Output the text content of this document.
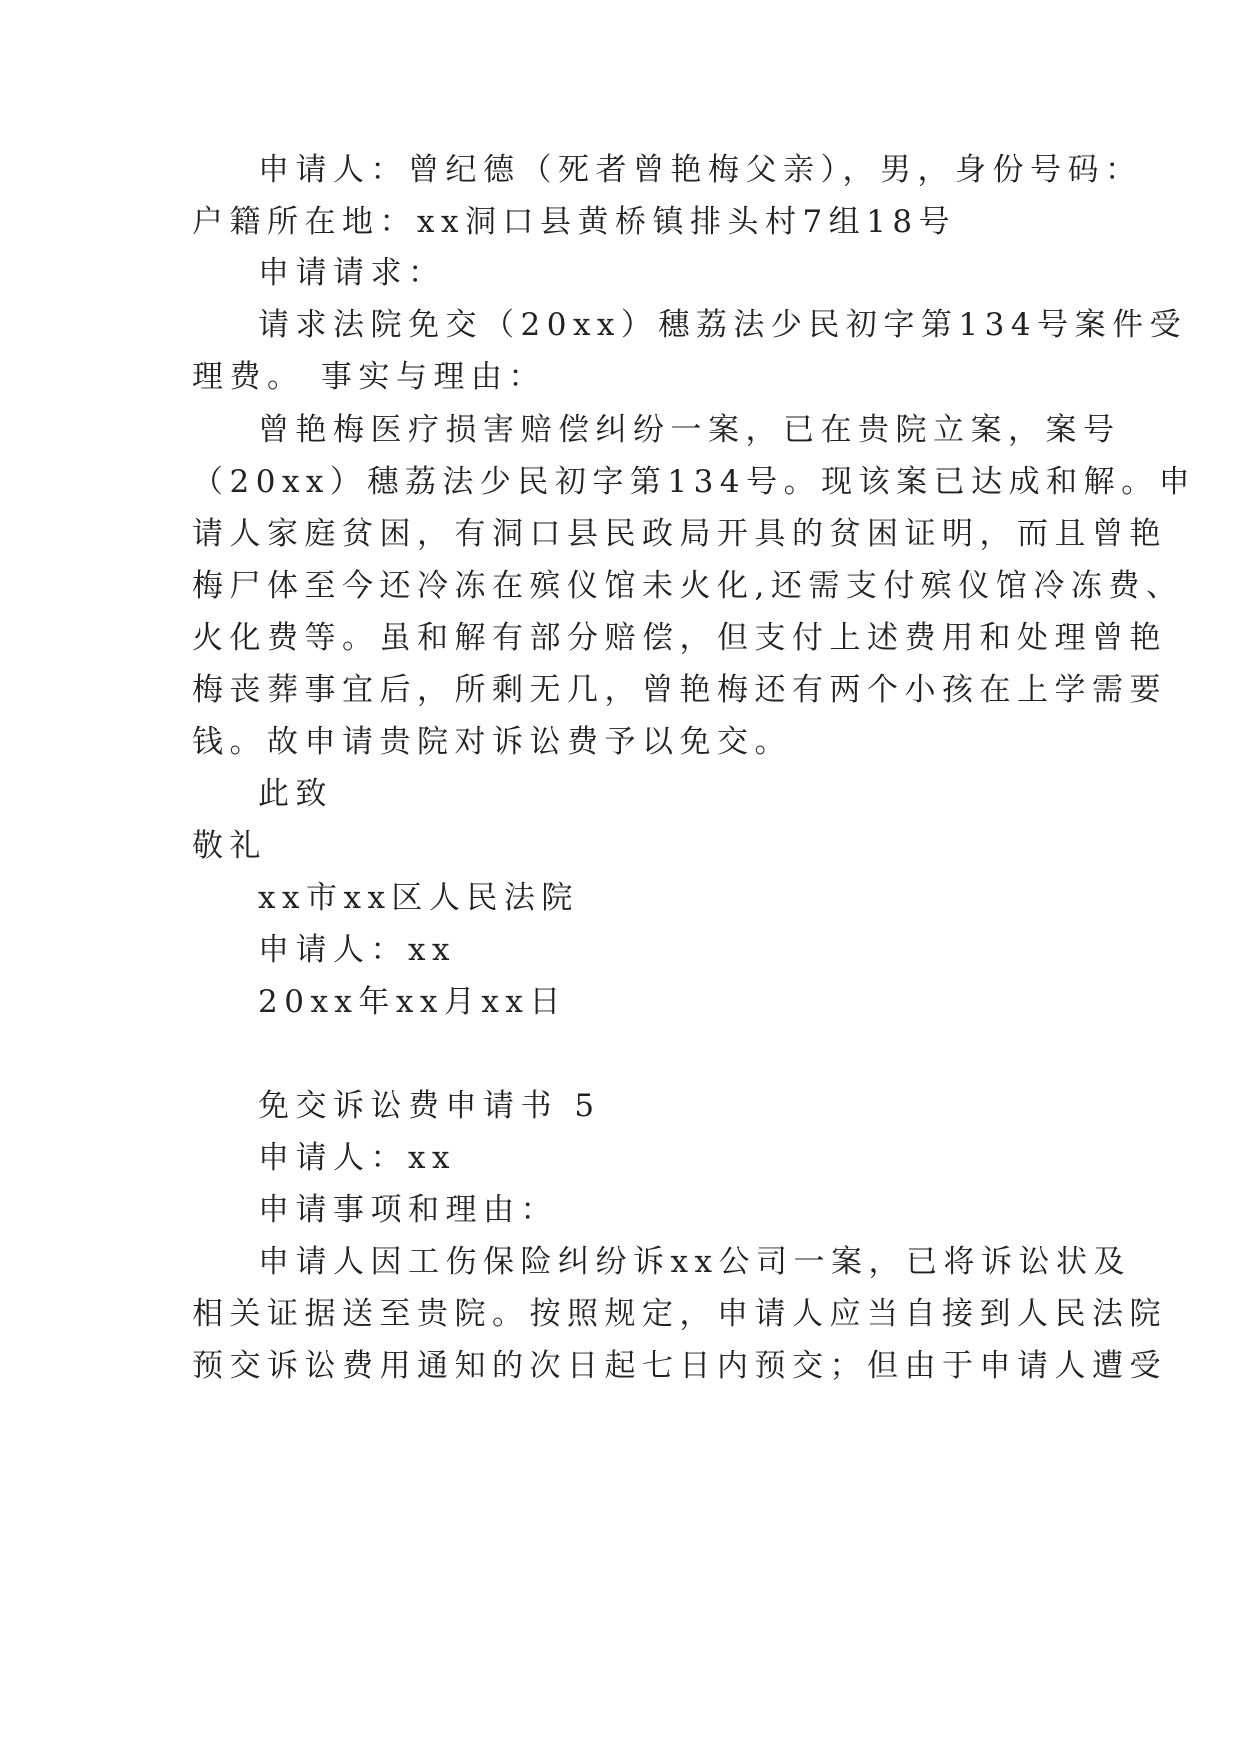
申请人：曾纪德（死者曾艳梅父亲），男，身份号码：
户籍所在地：xx洞口县黄桥镇排头村7组18号
申请请求：
请求法院免交（20xx）穗荔法少民初字第134号案件受
理费。 事实与理由：
曾艳梅医疗损害赔偿纠纷一案，已在贵院立案，案号
（20xx）穗荔法少民初字第134号。现该案已达成和解。申
请人家庭贫困，有洞口县民政局开具的贫困证明，而且曾艳
梅尸体至今还冷冻在殡仪馆未火化,还需支付殡仪馆冷冻费、
火化费等。虽和解有部分赔偿，但支付上述费用和处理曾艳
梅丧葬事宜后，所剩无几，曾艳梅还有两个小孩在上学需要
钱。故申请贵院对诉讼费予以免交。
此致
敬礼
xx市xx区人民法院
申请人：xx
20xx年xx月xx日
免交诉讼费申请书 5
申请人：xx
申请事项和理由：
申请人因工伤保险纠纷诉xx公司一案，已将诉讼状及
相关证据送至贵院。按照规定，申请人应当自接到人民法院
预交诉讼费用通知的次日起七日内预交；但由于申请人遭受
